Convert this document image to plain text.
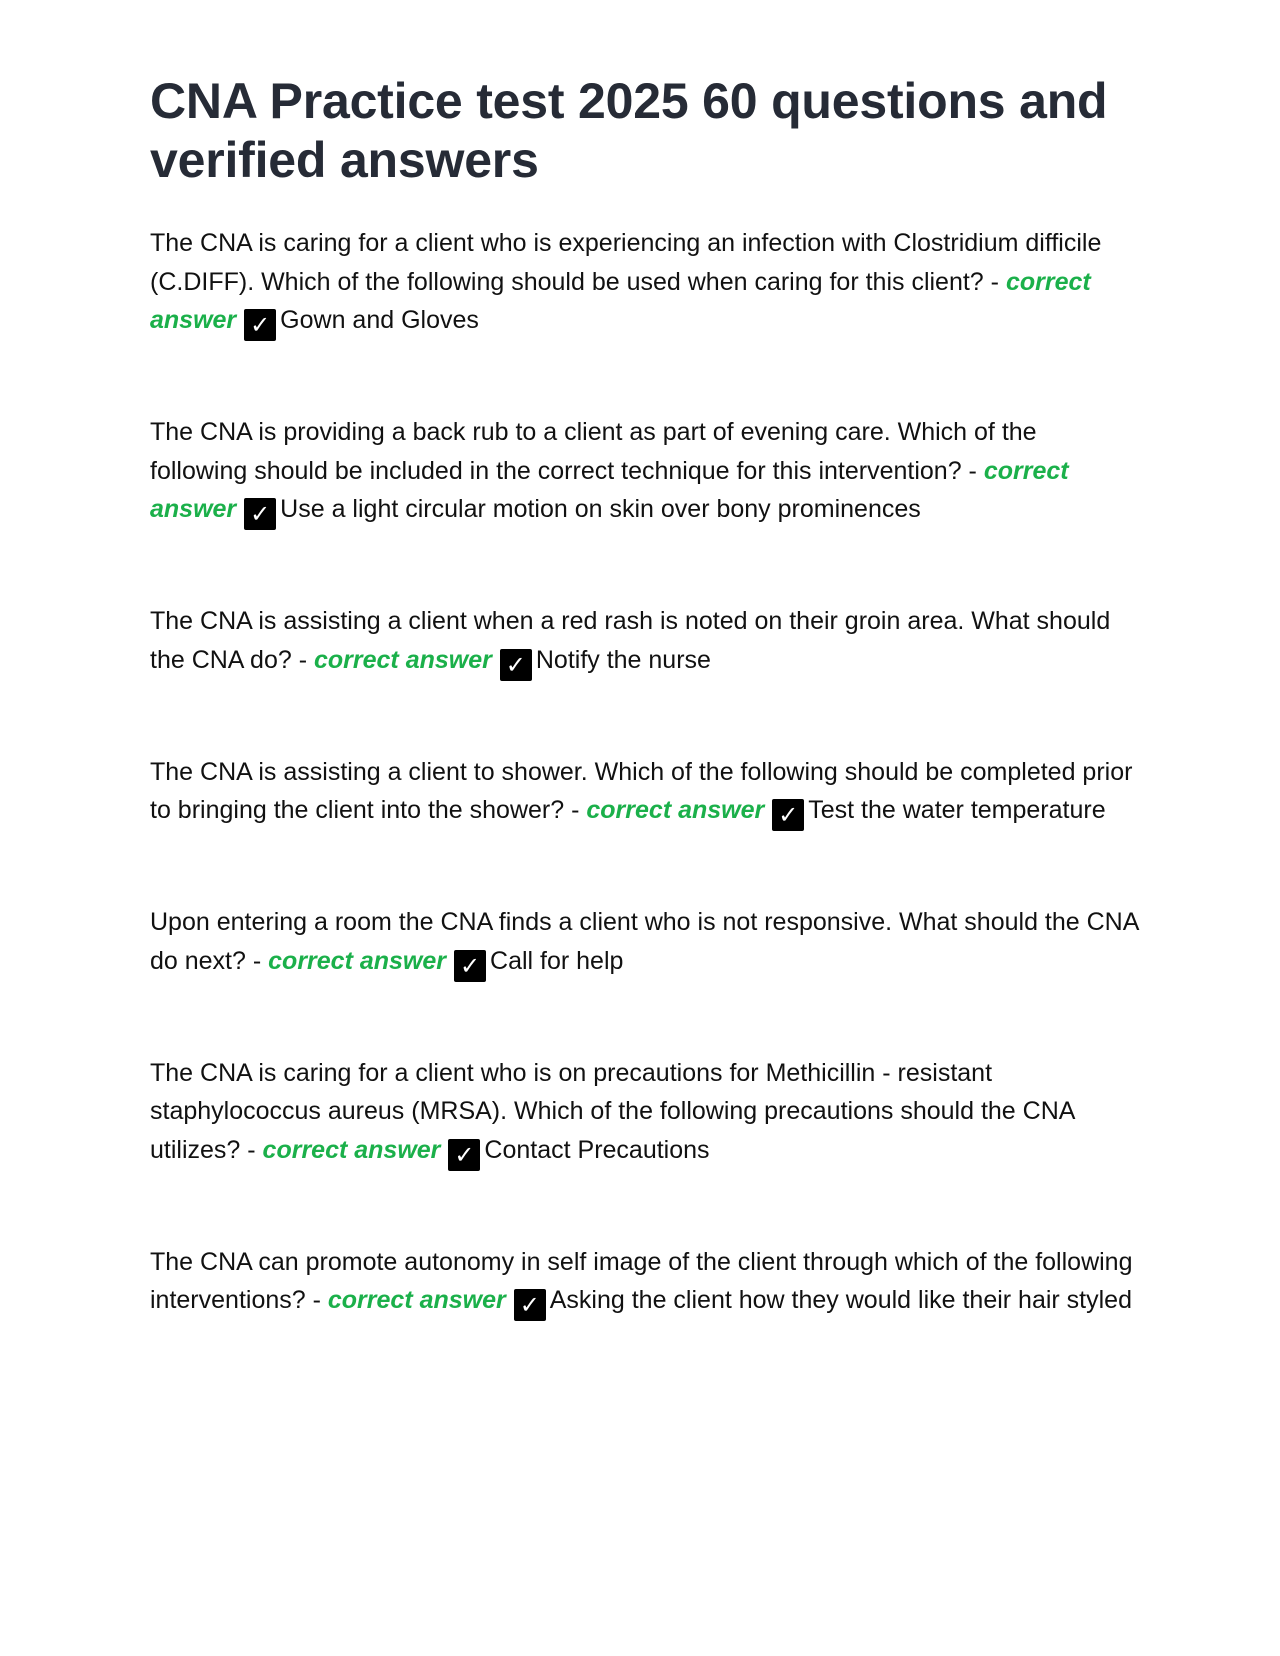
CNA Practice test 2025 60 questions and verified answers

The CNA is caring for a client who is experiencing an infection with Clostridium difficile (C.DIFF). Which of the following should be used when caring for this client? - correct answer ✓ Gown and Gloves

The CNA is providing a back rub to a client as part of evening care. Which of the following should be included in the correct technique for this intervention? - correct answer ✓ Use a light circular motion on skin over bony prominences

The CNA is assisting a client when a red rash is noted on their groin area. What should the CNA do? - correct answer ✓ Notify the nurse

The CNA is assisting a client to shower. Which of the following should be completed prior to bringing the client into the shower? - correct answer ✓ Test the water temperature

Upon entering a room the CNA finds a client who is not responsive. What should the CNA do next? - correct answer ✓ Call for help

The CNA is caring for a client who is on precautions for Methicillin - resistant staphylococcus aureus (MRSA). Which of the following precautions should the CNA utilizes? - correct answer ✓ Contact Precautions

The CNA can promote autonomy in self image of the client through which of the following interventions? - correct answer ✓ Asking the client how they would like their hair styled
